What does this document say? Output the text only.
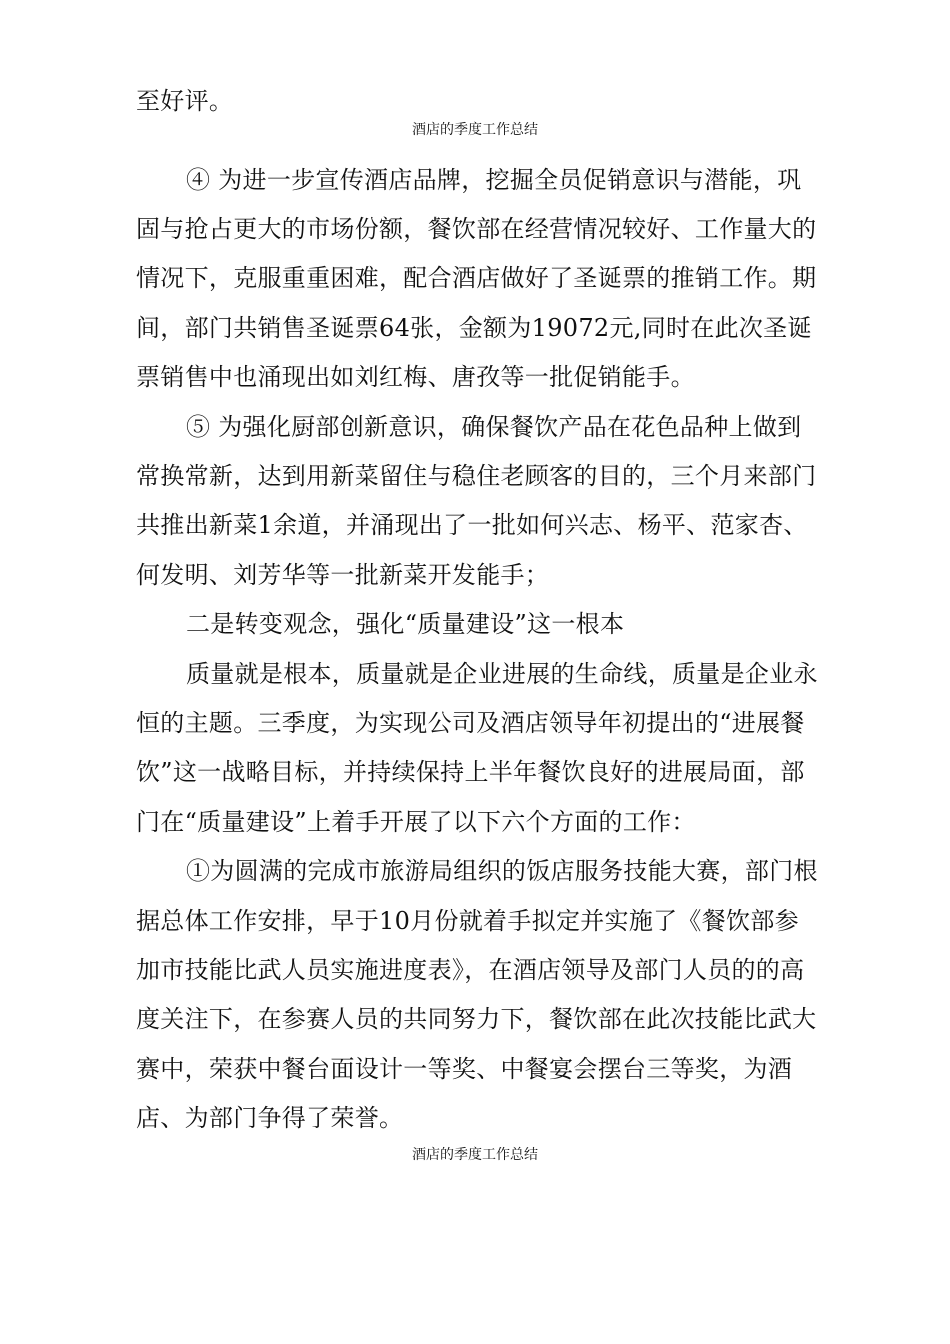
至好评。
酒店的季度工作总结
④ 为进一步宣传酒店品牌，挖掘全员促销意识与潜能，巩
固与抢占更大的市场份额，餐饮部在经营情况较好、工作量大的
情况下，克服重重困难，配合酒店做好了圣诞票的推销工作。期
间，部门共销售圣诞票64张，金额为19072元,同时在此次圣诞
票销售中也涌现出如刘红梅、唐孜等一批促销能手。
⑤ 为强化厨部创新意识，确保餐饮产品在花色品种上做到
常换常新，达到用新菜留住与稳住老顾客的目的，三个月来部门
共推出新菜1余道，并涌现出了一批如何兴志、杨平、范家杏、
何发明、刘芳华等一批新菜开发能手；
二是转变观念，强化“质量建设”这一根本
质量就是根本，质量就是企业进展的生命线，质量是企业永
恒的主题。三季度，为实现公司及酒店领导年初提出的“进展餐
饮”这一战略目标，并持续保持上半年餐饮良好的进展局面，部
门在“质量建设”上着手开展了以下六个方面的工作：
①为圆满的完成市旅游局组织的饭店服务技能大赛，部门根
据总体工作安排，早于10月份就着手拟定并实施了《餐饮部参
加市技能比武人员实施进度表》，在酒店领导及部门人员的的高
度关注下，在参赛人员的共同努力下，餐饮部在此次技能比武大
赛中，荣获中餐台面设计一等奖、中餐宴会摆台三等奖，为酒
店、为部门争得了荣誉。
酒店的季度工作总结
